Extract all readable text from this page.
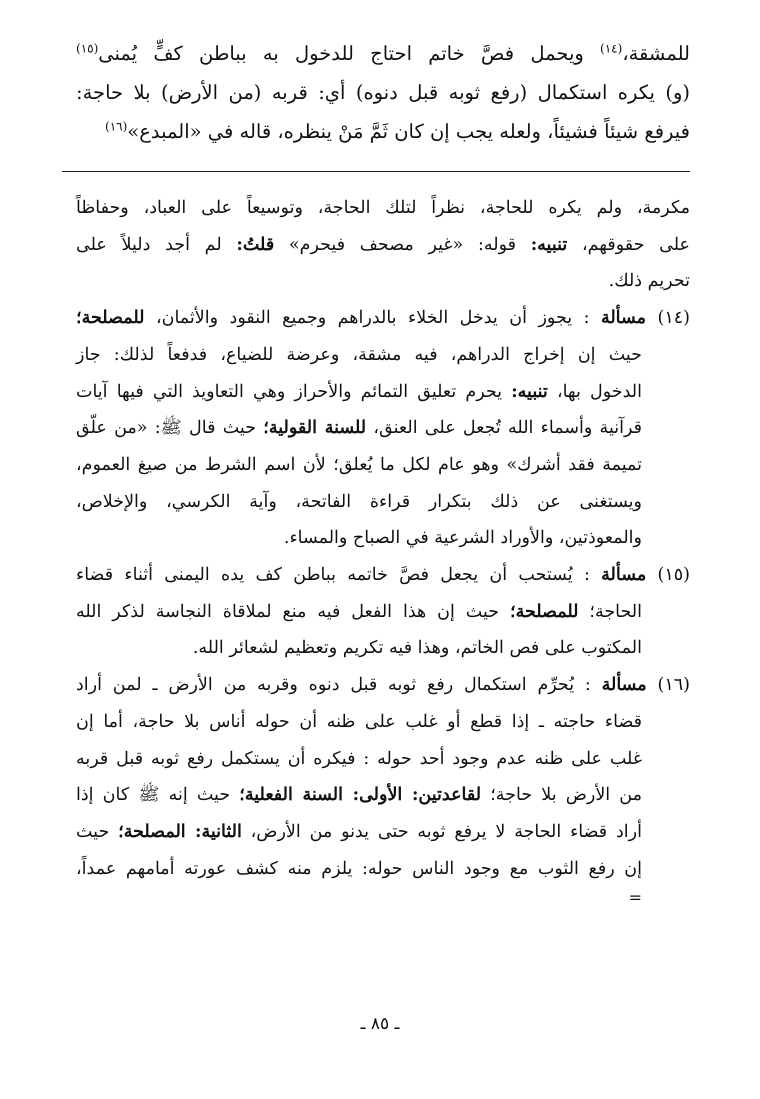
للمشقة،$^{(١٤)}$ ويحمل فصَّ خاتم احتاج للدخول به بباطن كفٍّ يُمنى$^{(١٥)}$

(و) يكره استكمال (رفع ثوبه قبل دنوه) أي: قربه (من الأرض) بلا حاجة:

فيرفع شيئاً فشيئاً، ولعله يجب إن كان ثَمَّ مَنْ ينظره، قاله في «المبدع»$^{(١٦)}$

مكرمة، ولم يكره للحاجة، نظراً لتلك الحاجة، وتوسيعاً على العباد، وحفاظاً

على حقوقهم، تنبيه: قوله: «غير مصحف فيحرم» قلتُ: لم أجد دليلاً على

تحريم ذلك.

(١٤) مسألة : يجوز أن يدخل الخلاء بالدراهم وجميع النقود والأثمان، للمصلحة؛

حيث إن إخراج الدراهم، فيه مشقة، وعرضة للضياع، فدفعاً لذلك: جاز

الدخول بها، تنبيه: يحرم تعليق التمائم والأحراز وهي التعاويذ التي فيها آيات

قرآنية وأسماء الله تُجعل على العنق، للسنة القولية؛ حيث قال ﷺ: «من علّق

تميمة فقد أشرك» وهو عام لكل ما يُعلق؛ لأن اسم الشرط من صيغ العموم،

ويستغنى عن ذلك بتكرار قراءة الفاتحة، وآية الكرسي، والإخلاص،

والمعوذتين، والأوراد الشرعية في الصباح والمساء.

(١٥) مسألة : يُستحب أن يجعل فصَّ خاتمه بباطن كف يده اليمنى أثناء قضاء

الحاجة؛ للمصلحة؛ حيث إن هذا الفعل فيه منع لملاقاة النجاسة لذكر الله

المكتوب على فص الخاتم، وهذا فيه تكريم وتعظيم لشعائر الله.

(١٦) مسألة : يُحرِّم استكمال رفع ثوبه قبل دنوه وقربه من الأرض ـ لمن أراد

قضاء حاجته ـ إذا قطع أو غلب على ظنه أن حوله أناس بلا حاجة، أما إن

غلب على ظنه عدم وجود أحد حوله : فيكره أن يستكمل رفع ثوبه قبل قربه

من الأرض بلا حاجة؛ لقاعدتين: الأولى: السنة الفعلية؛ حيث إنه ﷺ كان إذا

أراد قضاء الحاجة لا يرفع ثوبه حتى يدنو من الأرض، الثانية: المصلحة؛ حيث

إن رفع الثوب مع وجود الناس حوله: يلزم منه كشف عورته أمامهم عمداً،

=
ـ ٨٥ ـ
